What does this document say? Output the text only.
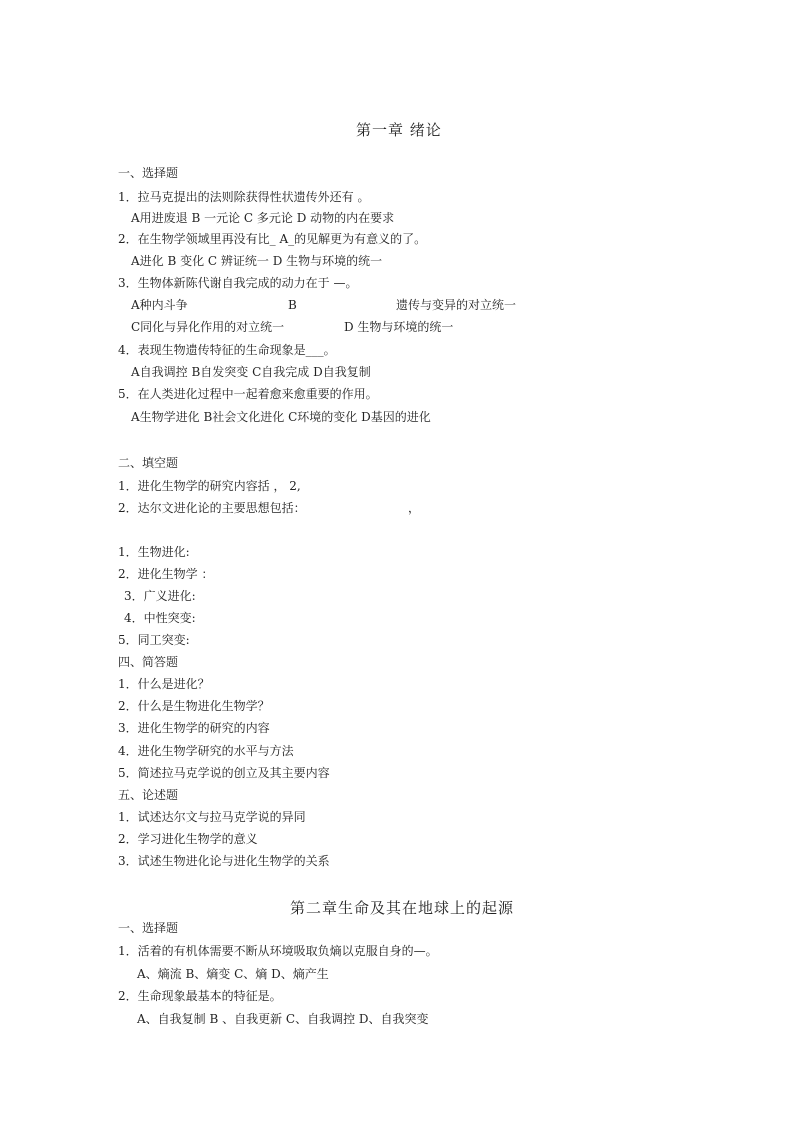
第一章 绪论
一、选择题
1．拉马克提出的法则除获得性状遗传外还有 。
A用进废退 B 一元论 C 多元论 D 动物的内在要求
2．在生物学领域里再没有比_ A_的见解更为有意义的了。
A进化 B 变化 C 辨证统一 D 生物与环境的统一
3．生物体新陈代谢自我完成的动力在于 —。
A种内斗争	B	遗传与变异的对立统一
C同化与异化作用的对立统一	D 生物与环境的统一
4．表现生物遗传特征的生命现象是___。
A自我调控 B自发突变 C自我完成 D自我复制
5．在人类进化过程中一起着愈来愈重要的作用。
A生物学进化 B社会文化进化 C环境的变化 D基因的进化
二、填空题
1．进化生物学的研究内容括 ， 2,
2．达尔文进化论的主要思想包括：	，
1．生物进化:
2．进化生物学 ：
3．广义进化:
4．中性突变:
5．同工突变:
四、简答题
1．什么是进化？
2．什么是生物进化生物学？
3．进化生物学的研究的内容
4．进化生物学研究的水平与方法
5．简述拉马克学说的创立及其主要内容
五、论述题
1．试述达尔文与拉马克学说的异同
2．学习进化生物学的意义
3．试述生物进化论与进化生物学的关系
第二章生命及其在地球上的起源
一、选择题
1．活着的有机体需要不断从环境吸取负熵以克服自身的—。
A、熵流 B、熵变 C、熵 D、熵产生
2．生命现象最基本的特征是。
A、自我复制 B 、自我更新 C、自我调控 D、自我突变
